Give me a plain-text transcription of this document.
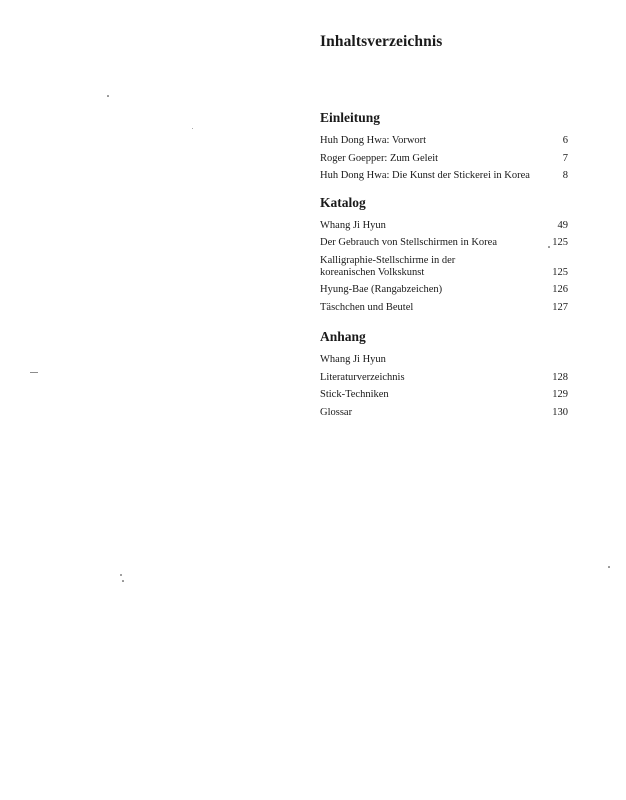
Inhaltsverzeichnis
Einleitung
Huh Dong Hwa: Vorwort	6
Roger Goepper: Zum Geleit	7
Huh Dong Hwa: Die Kunst der Stickerei in Korea	8
Katalog
Whang Ji Hyun	49
Der Gebrauch von Stellschirmen in Korea	125
Kalligraphie-Stellschirme in der
koreanischen Volkskunst	125
Hyung-Bae (Rangabzeichen)	126
Täschchen und Beutel	127
Anhang
Whang Ji Hyun
Literaturverzeichnis	128
Stick-Techniken	129
Glossar	130
